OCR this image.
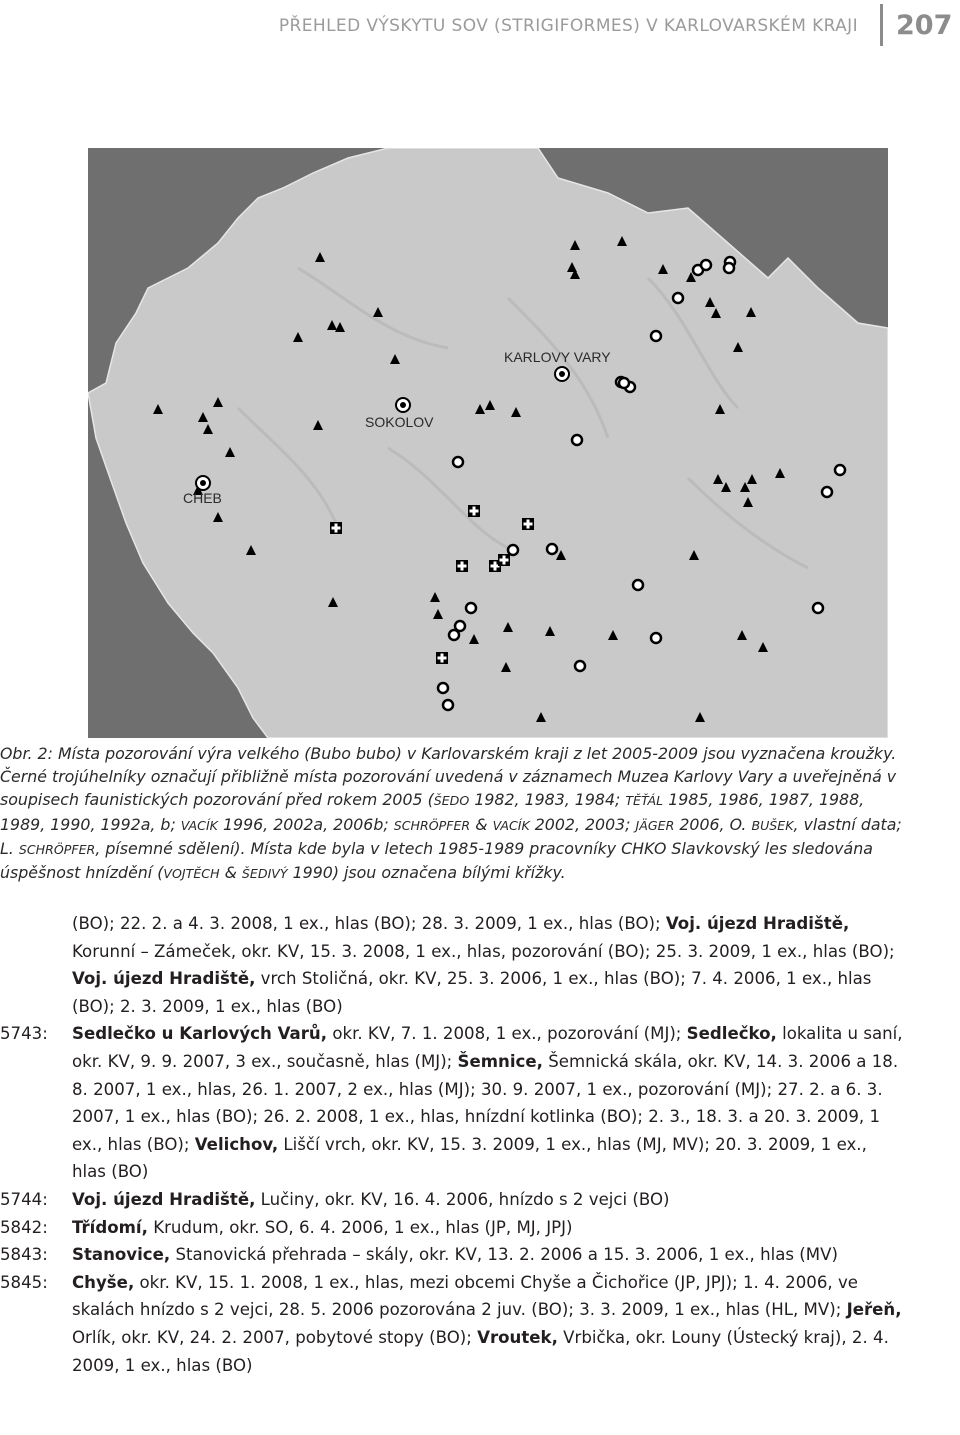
PŘEHLED VÝSKYTU SOV (STRIGIFORMES) V KARLOVARSKÉM KRAJI 207
KARLOVY VARY
SOKOLOV
CHEB

Obr. 2: Místa pozorování výra velkého (Bubo bubo) v Karlovarském kraji z let 2005-2009 jsou vyznačena kroužky. Černé trojúhelníky označují přibližně místa pozorování uvedená v záznamech Muzea Karlovy Vary a uveřejněná v soupisech faunistických pozorování před rokem 2005 (ŠEDO 1982, 1983, 1984; TĚŤÁL 1985, 1986, 1987, 1988, 1989, 1990, 1992a, b; VACÍK 1996, 2002a, 2006b; SCHRÖPFER & VACÍK 2002, 2003; JÄGER 2006, O. BUŠEK, vlastní data; L. SCHRÖPFER, písemné sdělení). Místa kde byla v letech 1985-1989 pracovníky CHKO Slavkovský les sledována úspěšnost hnízdění (VOJTĚCH & ŠEDIVÝ 1990) jsou označena bílými křížky.

(BO); 22. 2. a 4. 3. 2008, 1 ex., hlas (BO); 28. 3. 2009, 1 ex., hlas (BO); Voj. újezd Hradiště, Korunní – Zámeček, okr. KV, 15. 3. 2008, 1 ex., hlas, pozorování (BO); 25. 3. 2009, 1 ex., hlas (BO); Voj. újezd Hradiště, vrch Stoličná, okr. KV, 25. 3. 2006, 1 ex., hlas (BO); 7. 4. 2006, 1 ex., hlas (BO); 2. 3. 2009, 1 ex., hlas (BO)
5743: Sedlečko u Karlových Varů, okr. KV, 7. 1. 2008, 1 ex., pozorování (MJ); Sedlečko, lokalita u saní, okr. KV, 9. 9. 2007, 3 ex., současně, hlas (MJ); Šemnice, Šemnická skála, okr. KV, 14. 3. 2006 a 18. 8. 2007, 1 ex., hlas, 26. 1. 2007, 2 ex., hlas (MJ); 30. 9. 2007, 1 ex., pozorování (MJ); 27. 2. a 6. 3. 2007, 1 ex., hlas (BO); 26. 2. 2008, 1 ex., hlas, hnízdní kotlinka (BO); 2. 3., 18. 3. a 20. 3. 2009, 1 ex., hlas (BO); Velichov, Liščí vrch, okr. KV, 15. 3. 2009, 1 ex., hlas (MJ, MV); 20. 3. 2009, 1 ex., hlas (BO)
5744: Voj. újezd Hradiště, Lučiny, okr. KV, 16. 4. 2006, hnízdo s 2 vejci (BO)
5842: Třídomí, Krudum, okr. SO, 6. 4. 2006, 1 ex., hlas (JP, MJ, JPJ)
5843: Stanovice, Stanovická přehrada – skály, okr. KV, 13. 2. 2006 a 15. 3. 2006, 1 ex., hlas (MV)
5845: Chyše, okr. KV, 15. 1. 2008, 1 ex., hlas, mezi obcemi Chyše a Čichořice (JP, JPJ); 1. 4. 2006, ve skalách hnízdo s 2 vejci, 28. 5. 2006 pozorována 2 juv. (BO); 3. 3. 2009, 1 ex., hlas (HL, MV); Jeřeň, Orlík, okr. KV, 24. 2. 2007, pobytové stopy (BO); Vroutek, Vrbička, okr. Louny (Ústecký kraj), 2. 4. 2009, 1 ex., hlas (BO)
